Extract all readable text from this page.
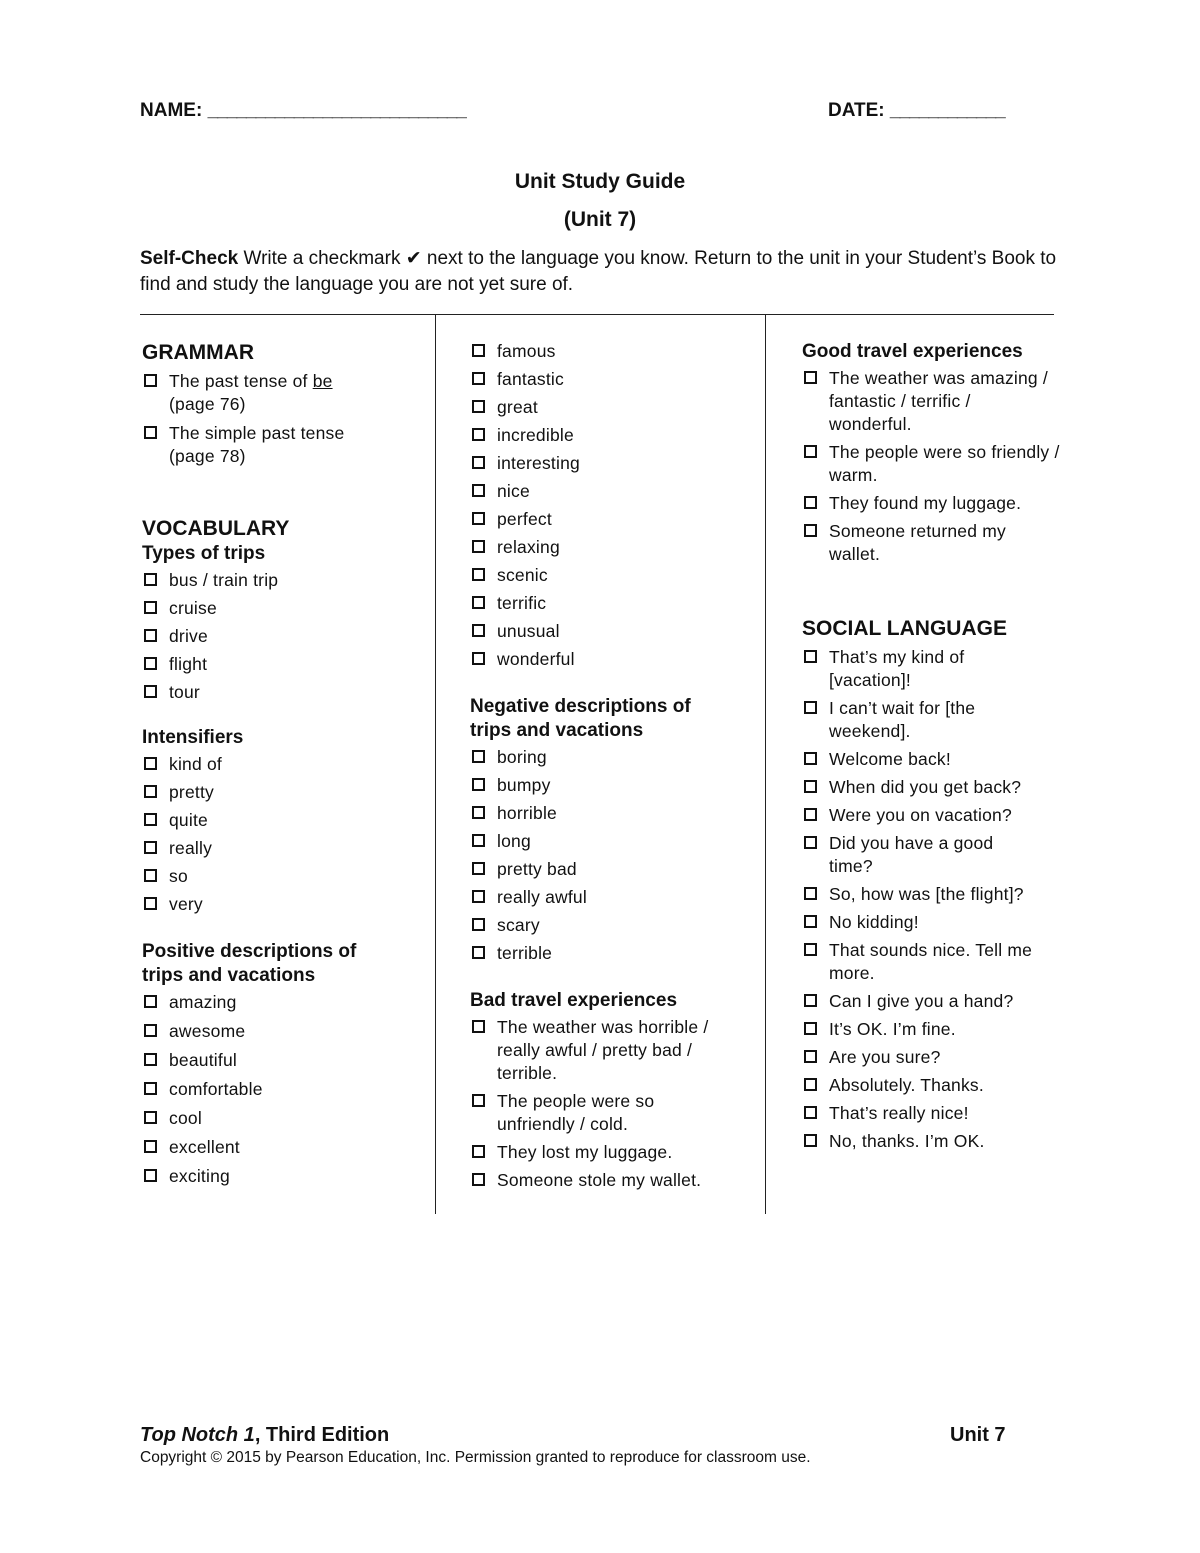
NAME: ___________________________	DATE: ____________
Unit Study Guide
(Unit 7)
Self-Check Write a checkmark ✔ next to the language you know. Return to the unit in your Student’s Book to find and study the language you are not yet sure of.
GRAMMAR
The past tense of be
(page 76)
The simple past tense
(page 78)
VOCABULARY
Types of trips
bus / train trip
cruise
drive
flight
tour
Intensifiers
kind of
pretty
quite
really
so
very
Positive descriptions of
trips and vacations
amazing
awesome
beautiful
comfortable
cool
excellent
exciting
famous
fantastic
great
incredible
interesting
nice
perfect
relaxing
scenic
terrific
unusual
wonderful
Negative descriptions of
trips and vacations
boring
bumpy
horrible
long
pretty bad
really awful
scary
terrible
Bad travel experiences
The weather was horrible /
really awful / pretty bad /
terrible.
The people were so
unfriendly / cold.
They lost my luggage.
Someone stole my wallet.
Good travel experiences
The weather was amazing /
fantastic / terrific /
wonderful.
The people were so friendly /
warm.
They found my luggage.
Someone returned my
wallet.
SOCIAL LANGUAGE
That’s my kind of
[vacation]!
I can’t wait for [the
weekend].
Welcome back!
When did you get back?
Were you on vacation?
Did you have a good
time?
So, how was [the flight]?
No kidding!
That sounds nice. Tell me
more.
Can I give you a hand?
It’s OK. I’m fine.
Are you sure?
Absolutely. Thanks.
That’s really nice!
No, thanks. I’m OK.
Top Notch 1, Third Edition	Unit 7
Copyright © 2015 by Pearson Education, Inc. Permission granted to reproduce for classroom use.
